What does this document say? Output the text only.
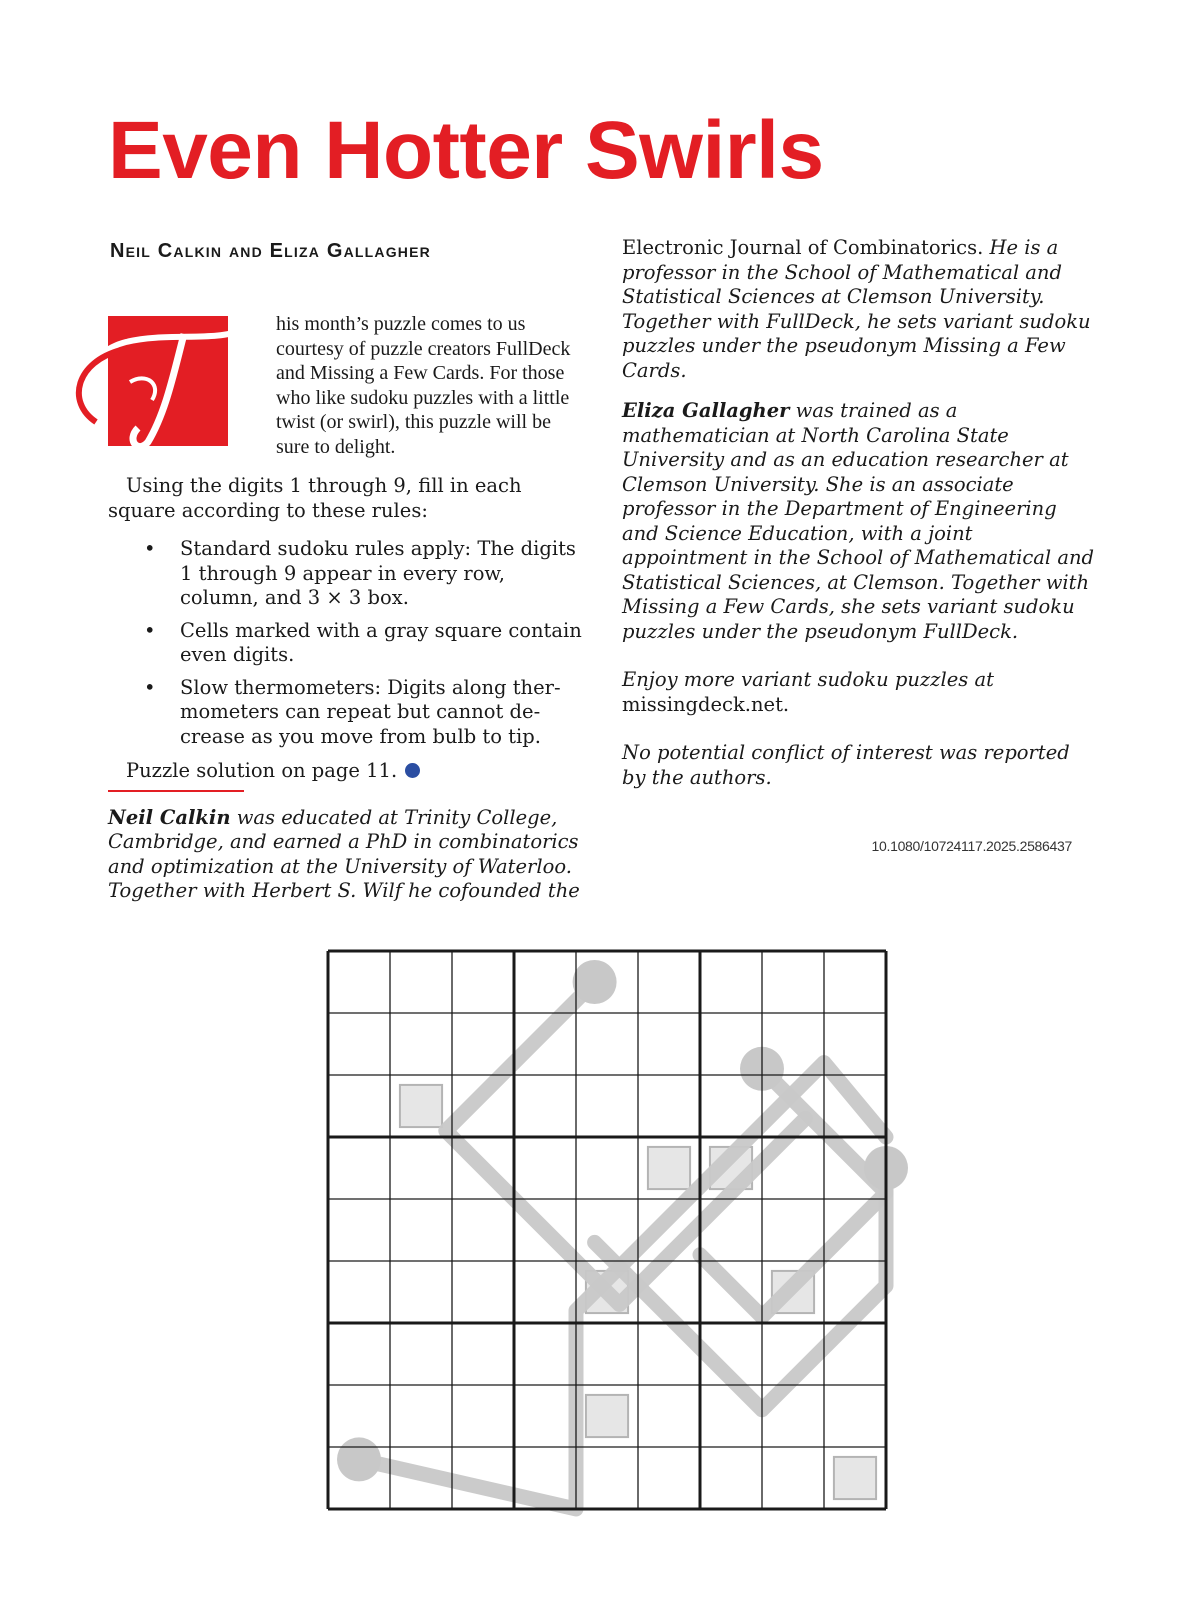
Even Hotter Swirls
Neil Calkin and Eliza Gallagher

his month’s puzzle comes to us courtesy of puzzle creators FullDeck and Missing a Few Cards. For those who like sudoku puzzles with a little twist (or swirl), this puzzle will be sure to delight.

Using the digits 1 through 9, fill in each square according to these rules:

• Standard sudoku rules apply: The digits 1 through 9 appear in every row, column, and 3 × 3 box.
• Cells marked with a gray square contain even digits.
• Slow thermometers: Digits along thermometers can repeat but cannot decrease as you move from bulb to tip.

Puzzle solution on page 11.

Neil Calkin was educated at Trinity College, Cambridge, and earned a PhD in combinatorics and optimization at the University of Waterloo. Together with Herbert S. Wilf he cofounded the

Electronic Journal of Combinatorics. He is a professor in the School of Mathematical and Statistical Sciences at Clemson University. Together with FullDeck, he sets variant sudoku puzzles under the pseudonym Missing a Few Cards.

Eliza Gallagher was trained as a mathematician at North Carolina State University and as an education researcher at Clemson University. She is an associate professor in the Department of Engineering and Science Education, with a joint appointment in the School of Mathematical and Statistical Sciences, at Clemson. Together with Missing a Few Cards, she sets variant sudoku puzzles under the pseudonym FullDeck.

Enjoy more variant sudoku puzzles at missingdeck.net.

No potential conflict of interest was reported by the authors.

10.1080/10724117.2025.2586437
